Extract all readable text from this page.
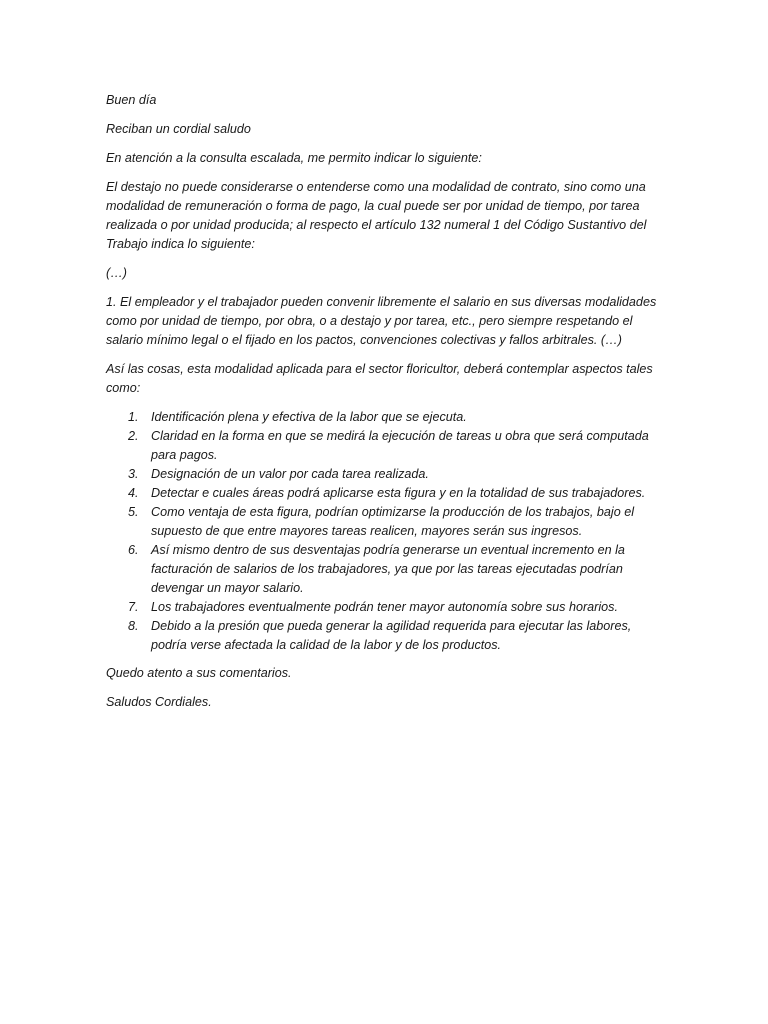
Buen día

Reciban un cordial saludo

En atención a la consulta escalada, me permito indicar lo siguiente:

El destajo no puede considerarse o entenderse como una modalidad de contrato, sino como una modalidad de remuneración o forma de pago, la cual puede ser por unidad de tiempo, por tarea realizada o por unidad producida; al respecto el artículo 132 numeral 1 del Código Sustantivo del Trabajo indica lo siguiente:

(…)

1. El empleador y el trabajador pueden convenir libremente el salario en sus diversas modalidades como por unidad de tiempo, por obra, o a destajo y por tarea, etc., pero siempre respetando el salario mínimo legal o el fijado en los pactos, convenciones colectivas y fallos arbitrales. (…)

Así las cosas, esta modalidad aplicada para el sector floricultor, deberá contemplar aspectos tales como:

1. Identificación plena y efectiva de la labor que se ejecuta.
2. Claridad en la forma en que se medirá la ejecución de tareas u obra que será computada para pagos.
3. Designación de un valor por cada tarea realizada.
4. Detectar e cuales áreas podrá aplicarse esta figura y en la totalidad de sus trabajadores.
5. Como ventaja de esta figura, podrían optimizarse la producción de los trabajos, bajo el supuesto de que entre mayores tareas realicen, mayores serán sus ingresos.
6. Así mismo dentro de sus desventajas podría generarse un eventual incremento en la facturación de salarios de los trabajadores, ya que por las tareas ejecutadas podrían devengar un mayor salario.
7. Los trabajadores eventualmente podrán tener mayor autonomía sobre sus horarios.
8. Debido a la presión que pueda generar la agilidad requerida para ejecutar las labores, podría verse afectada la calidad de la labor y de los productos.

Quedo atento a sus comentarios.

Saludos Cordiales.
